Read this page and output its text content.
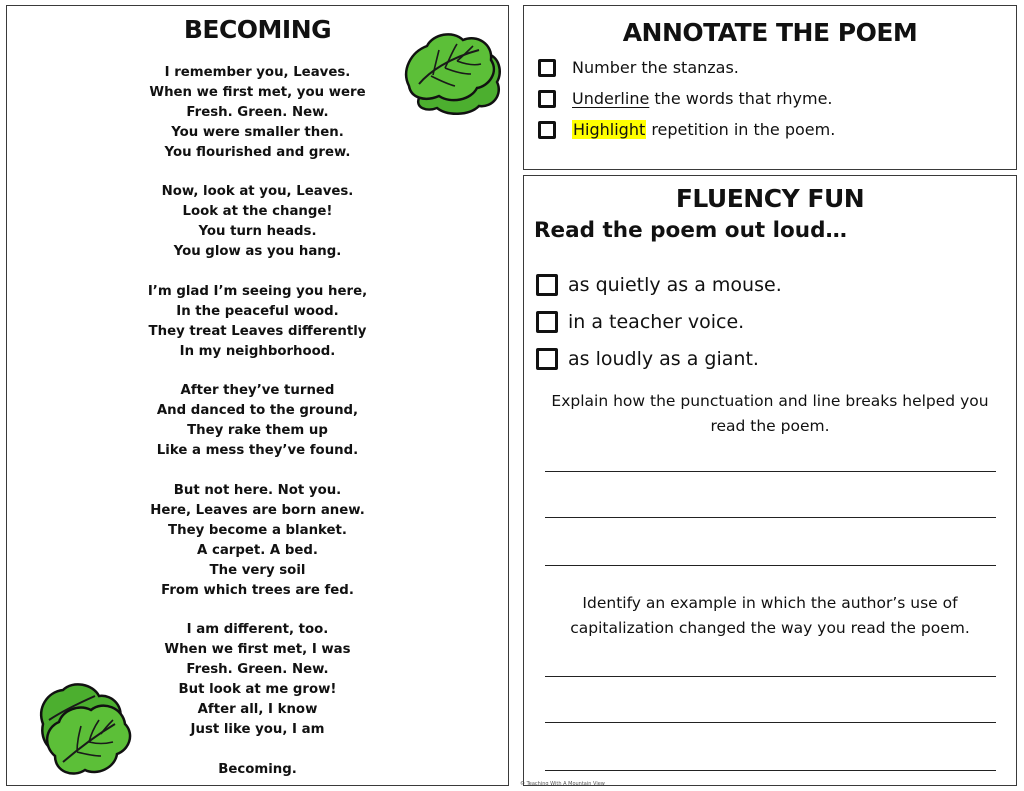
BECOMING
I remember you, Leaves.
When we first met, you were
Fresh. Green. New.
You were smaller then.
You flourished and grew.
Now, look at you, Leaves.
Look at the change!
You turn heads.
You glow as you hang.
I’m glad I’m seeing you here,
In the peaceful wood.
They treat Leaves differently
In my neighborhood.
After they’ve turned
And danced to the ground,
They rake them up
Like a mess they’ve found.
But not here. Not you.
Here, Leaves are born anew.
They become a blanket.
A carpet. A bed.
The very soil
From which trees are fed.
I am different, too.
When we first met, I was
Fresh. Green. New.
But look at me grow!
After all, I know
Just like you, I am
Becoming.
ANNOTATE THE POEM
Number the stanzas.
Underline the words that rhyme.
Highlight repetition in the poem.
FLUENCY FUN

Read the poem out loud…

as quietly as a mouse.
in a teacher voice.
as loudly as a giant.

Explain how the punctuation and line breaks helped you read the poem.

Identify an example in which the author’s use of capitalization changed the way you read the poem.

© Teaching With A Mountain View
